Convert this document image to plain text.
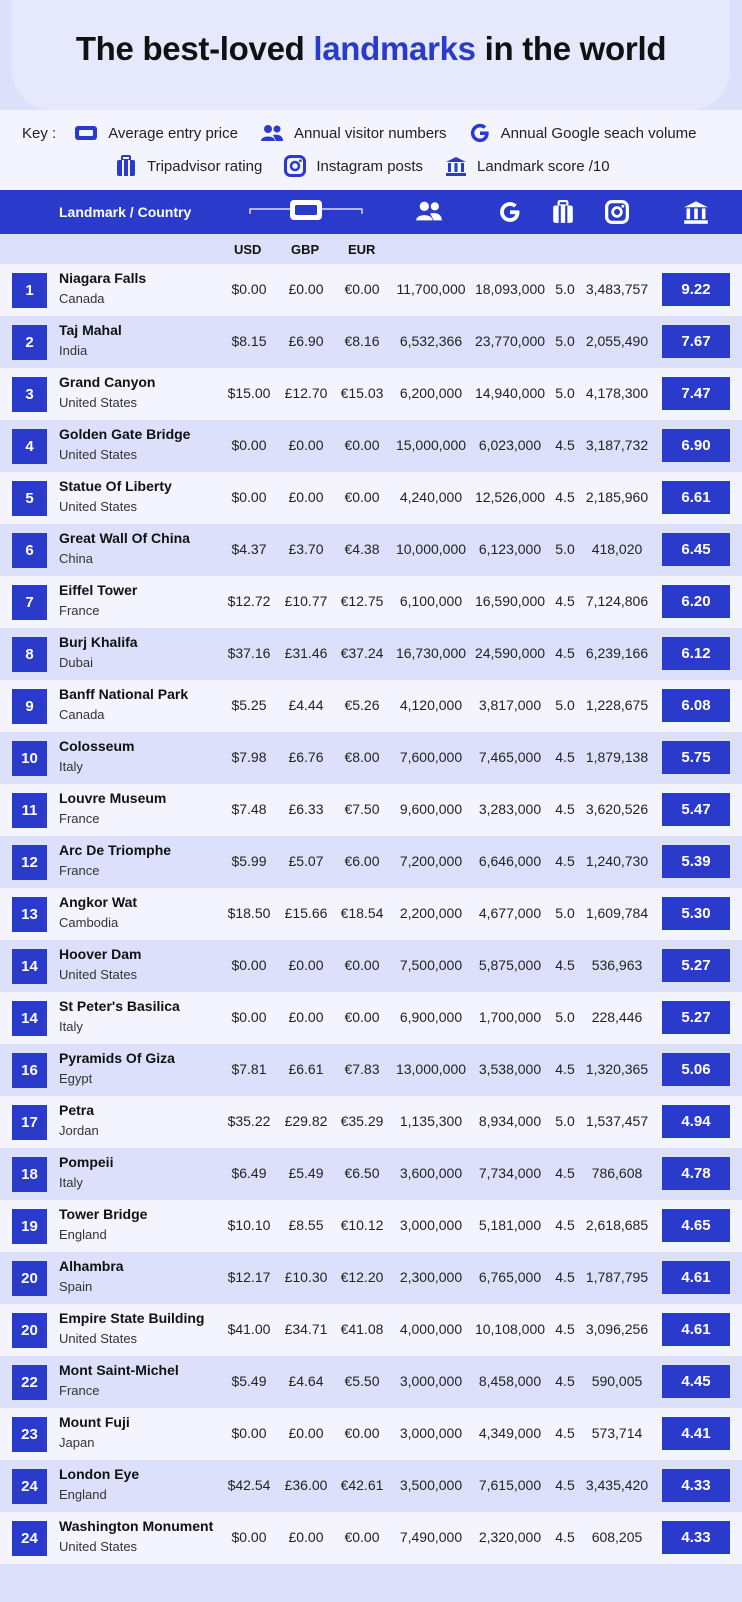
The best-loved landmarks in the world
Key :	Average entry price	Annual visitor numbers	Annual Google seach volume
Tripadvisor rating	Instagram posts	Landmark score /10
Landmark / Country
USD GBP EUR
1
Niagara Falls
Canada
$0.00	£0.00	€0.00	11,700,000 18,093,000 5.0 3,483,757	9.22
2
Taj Mahal
India
$8.15	£6.90	€8.16	6,532,366 23,770,000 5.0 2,055,490	7.67
3
Grand Canyon
United States
$15.00	£12.70 €15.03	6,200,000 14,940,000 5.0 4,178,300	7.47
4
Golden Gate Bridge
United States
$0.00	£0.00	€0.00	15,000,000 6,023,000	4.5 3,187,732	6.90
5
Statue Of Liberty
United States
$0.00	£0.00	€0.00	4,240,000 12,526,000 4.5 2,185,960	6.61
6
Great Wall Of China
China
$4.37	£3.70	€4.38	10,000,000 6,123,000	5.0	418,020	6.45
7
Eiffel Tower
France
$12.72	£10.77 €12.75	6,100,000 16,590,000 4.5 7,124,806	6.20
8
Burj Khalifa
Dubai
$37.16	£31.46 €37.24 16,730,000 24,590,000 4.5 6,239,166	6.12
9
Banff National Park
Canada
$5.25	£4.44	€5.26	4,120,000	3,817,000	5.0 1,228,675	6.08
10
Colosseum
Italy
$7.98	£6.76	€8.00	7,600,000	7,465,000	4.5 1,879,138	5.75
11
Louvre Museum
France
$7.48	£6.33	€7.50	9,600,000	3,283,000	4.5 3,620,526	5.47
12
Arc De Triomphe
France
$5.99	£5.07	€6.00	7,200,000	6,646,000	4.5 1,240,730	5.39
13
Angkor Wat
Cambodia
$18.50	£15.66 €18.54	2,200,000	4,677,000	5.0 1,609,784	5.30
14
Hoover Dam
United States
$0.00	£0.00	€0.00	7,500,000	5,875,000	4.5	536,963	5.27
14
St Peter's Basilica
Italy
$0.00	£0.00	€0.00	6,900,000	1,700,000	5.0	228,446	5.27
16
Pyramids Of Giza
Egypt
$7.81	£6.61	€7.83	13,000,000 3,538,000	4.5 1,320,365	5.06
17
Petra
Jordan
$35.22	£29.82 €35.29	1,135,300	8,934,000	5.0 1,537,457	4.94
18
Pompeii
Italy
$6.49	£5.49	€6.50	3,600,000	7,734,000	4.5	786,608	4.78
19
Tower Bridge
England
$10.10	£8.55	€10.12	3,000,000	5,181,000	4.5 2,618,685	4.65
20
Alhambra
Spain
$12.17	£10.30 €12.20	2,300,000	6,765,000	4.5 1,787,795	4.61
20
Empire State Building
United States
$41.00	£34.71 €41.08	4,000,000 10,108,000 4.5 3,096,256	4.61
22
Mont Saint-Michel
France
$5.49	£4.64	€5.50	3,000,000	8,458,000	4.5	590,005	4.45
23
Mount Fuji
Japan
$0.00	£0.00	€0.00	3,000,000	4,349,000	4.5	573,714	4.41
24
London Eye
England
$42.54	£36.00 €42.61	3,500,000	7,615,000	4.5 3,435,420	4.33
24
Washington Monument
United States
$0.00	£0.00	€0.00	7,490,000	2,320,000	4.5	608,205	4.33
